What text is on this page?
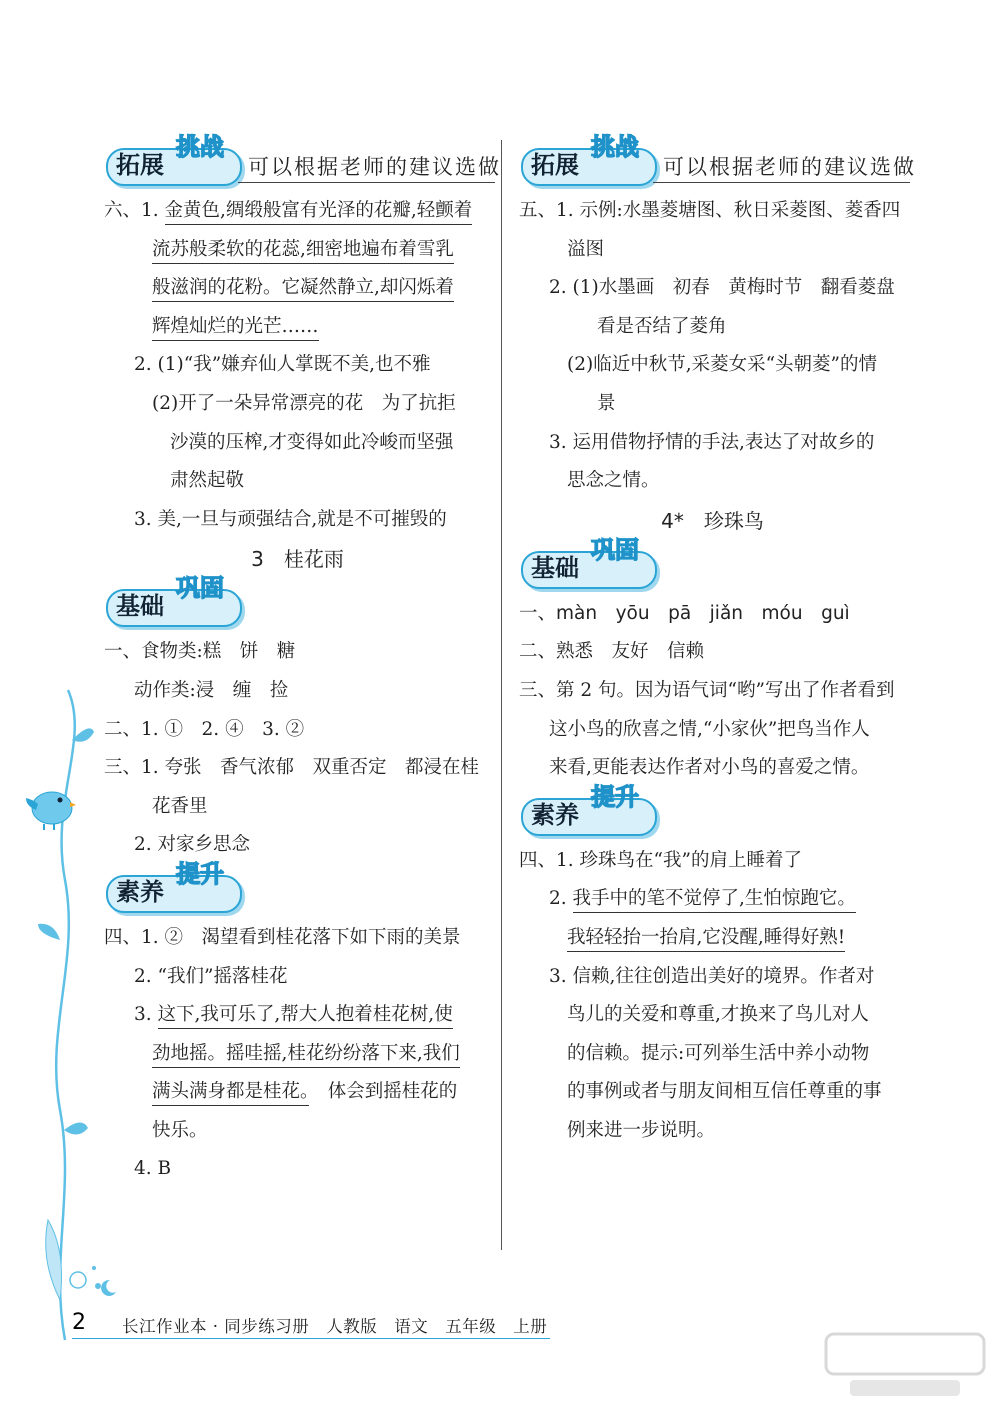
拓展
挑战
可以根据老师的建议选做
六、1. 金黄色,绸缎般富有光泽的花瓣,轻颤着
流苏般柔软的花蕊,细密地遍布着雪乳
般滋润的花粉。它凝然静立,却闪烁着
辉煌灿烂的光芒……
2. (1)“我”嫌弃仙人掌既不美,也不雅
(2)开了一朵异常漂亮的花　为了抗拒
沙漠的压榨,才变得如此冷峻而坚强
肃然起敬
3. 美,一旦与顽强结合,就是不可摧毁的
3　桂花雨
基础
巩固
一、食物类:糕　饼　糖
动作类:浸　缠　捡
二、1. ①　2. ④　3. ②
三、1. 夸张　香气浓郁　双重否定　都浸在桂
花香里
2. 对家乡思念
素养
提升
四、1. ②　渴望看到桂花落下如下雨的美景
2. “我们”摇落桂花
3. 这下,我可乐了,帮大人抱着桂花树,使
劲地摇。摇哇摇,桂花纷纷落下来,我们
满头满身都是桂花。　体会到摇桂花的
快乐。
4. B
拓展
挑战
可以根据老师的建议选做
五、1. 示例:水墨菱塘图、秋日采菱图、菱香四
溢图
2. (1)水墨画　初春　黄梅时节　翻看菱盘
看是否结了菱角
(2)临近中秋节,采菱女采“头朝菱”的情
景
3. 运用借物抒情的手法,表达了对故乡的
思念之情。
4*　珍珠鸟
基础
巩固
一、màn　yōu　pā　jiǎn　móu　guì
二、熟悉　友好　信赖
三、第 2 句。因为语气词“哟”写出了作者看到
这小鸟的欣喜之情,“小家伙”把鸟当作人
来看,更能表达作者对小鸟的喜爱之情。
素养
提升
四、1. 珍珠鸟在“我”的肩上睡着了
2. 我手中的笔不觉停了,生怕惊跑它。
我轻轻抬一抬肩,它没醒,睡得好熟!
3. 信赖,往往创造出美好的境界。作者对
鸟儿的关爱和尊重,才换来了鸟儿对人
的信赖。提示:可列举生活中养小动物
的事例或者与朋友间相互信任尊重的事
例来进一步说明。
2 长江作业本 · 同步练习册　人教版　语文　五年级　上册
